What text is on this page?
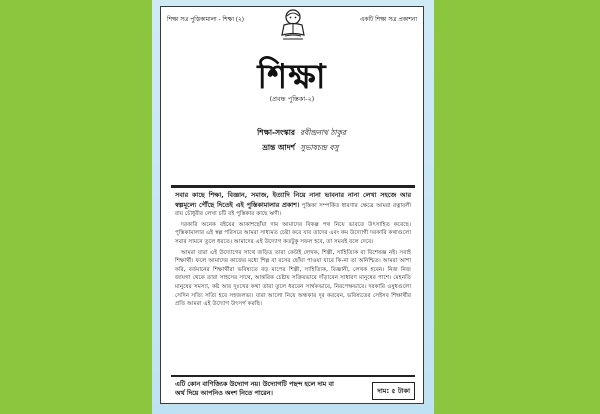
শিক্ষা সত্র পুস্তিকামালা - শিক্ষা (২)	একটি শিক্ষা সত্র প্রকাশনা
শিক্ষা
(প্রবন্ধ পুস্তিকা-২)
শিক্ষা-সংস্কার রবীন্দ্রনাথ ঠাকুর
ভ্রান্ত আদর্শ সুভাষচন্দ্র বসু

সবার কাছে শিক্ষা, বিজ্ঞান, সমাজ, ইত্যাদি নিয়ে নানা ভাবনার নানা লেখা সহজে আর স্বল্পমূল্যে পৌঁছে দিতেই এই পুস্তিকামালার প্রকাশ। পুস্তিকা সম্পর্কিত ধারণার ক্ষেত্রে আমরা রত্নাবলী রায় চৌধুরীর লেখা চটি বই পুস্তিকার কাছে ঋণী।

দরকারি অনেক বইয়ের আকাশছোঁয়া দাম আমাদের বিকল্প পথ নিয়ে ভাবতে উৎসাহিত করেছে। পুস্তিকামালার এই স্বল্প পরিসরে আমরা সাধ্যমত চেষ্টা করে যাব তাদের এবং কম উদ্যোগী দরকারি কথাগুলো সবার সামনে তুলে ধরতে। আমাদের এই উদ্যোগ কতটুকু সফল হবে, তা সময়ই বলে দেবে।

আমরা যারা এই উদ্যোগের সাথে জড়িত তারা কেউই লেখক, শিল্পী, সাহিত্যিক বা বিশেষজ্ঞ নই। সবাই শিক্ষার্থী। ফলে আমাদের কাজের মধ্যে শিল্প বা রসের ছোঁয়া পাওয়া যাবে কি-না তা অনিশ্চিত। আমরা আশা করি, বর্তমানের শিক্ষার্থীরা ভবিষ্যতে বড় মাপের শিল্পী, সাহিত্যিক, বিজ্ঞানী, লেখক হবেন। নিজ নিজ জায়গা থেকে তারা সাহসের সাথে, আন্তরিক চেষ্টায় সক্রিয়ভাবে দাঁড়াবেন সাধারণ মানুষের পাশে। মেহনতি মানুষের সমস্যা, কষ্ট আর দুঃখের কথা তারা তুলে ধরবেন সার্থকভাবে, নিরপেক্ষভাবে। দরকারি ওষুধগুলো সেদিন সত্যি সত্যি হবে সহজলভ্য। যারা আলো নিয়ে অন্ধকার দূর করবেন, ভবিষ্যতের সেইসব শিক্ষার্থীর প্রতি আমরা এই উদ্যোগ উৎসর্গ করছি।

এটি কোন বাণিজ্যিক উদ্যোগ নয়। উদ্যোগটি পছন্দ হলে দাম বা অর্থ দিয়ে আপনিও অংশ নিতে পারেন।	দাম: ৫ টাকা
